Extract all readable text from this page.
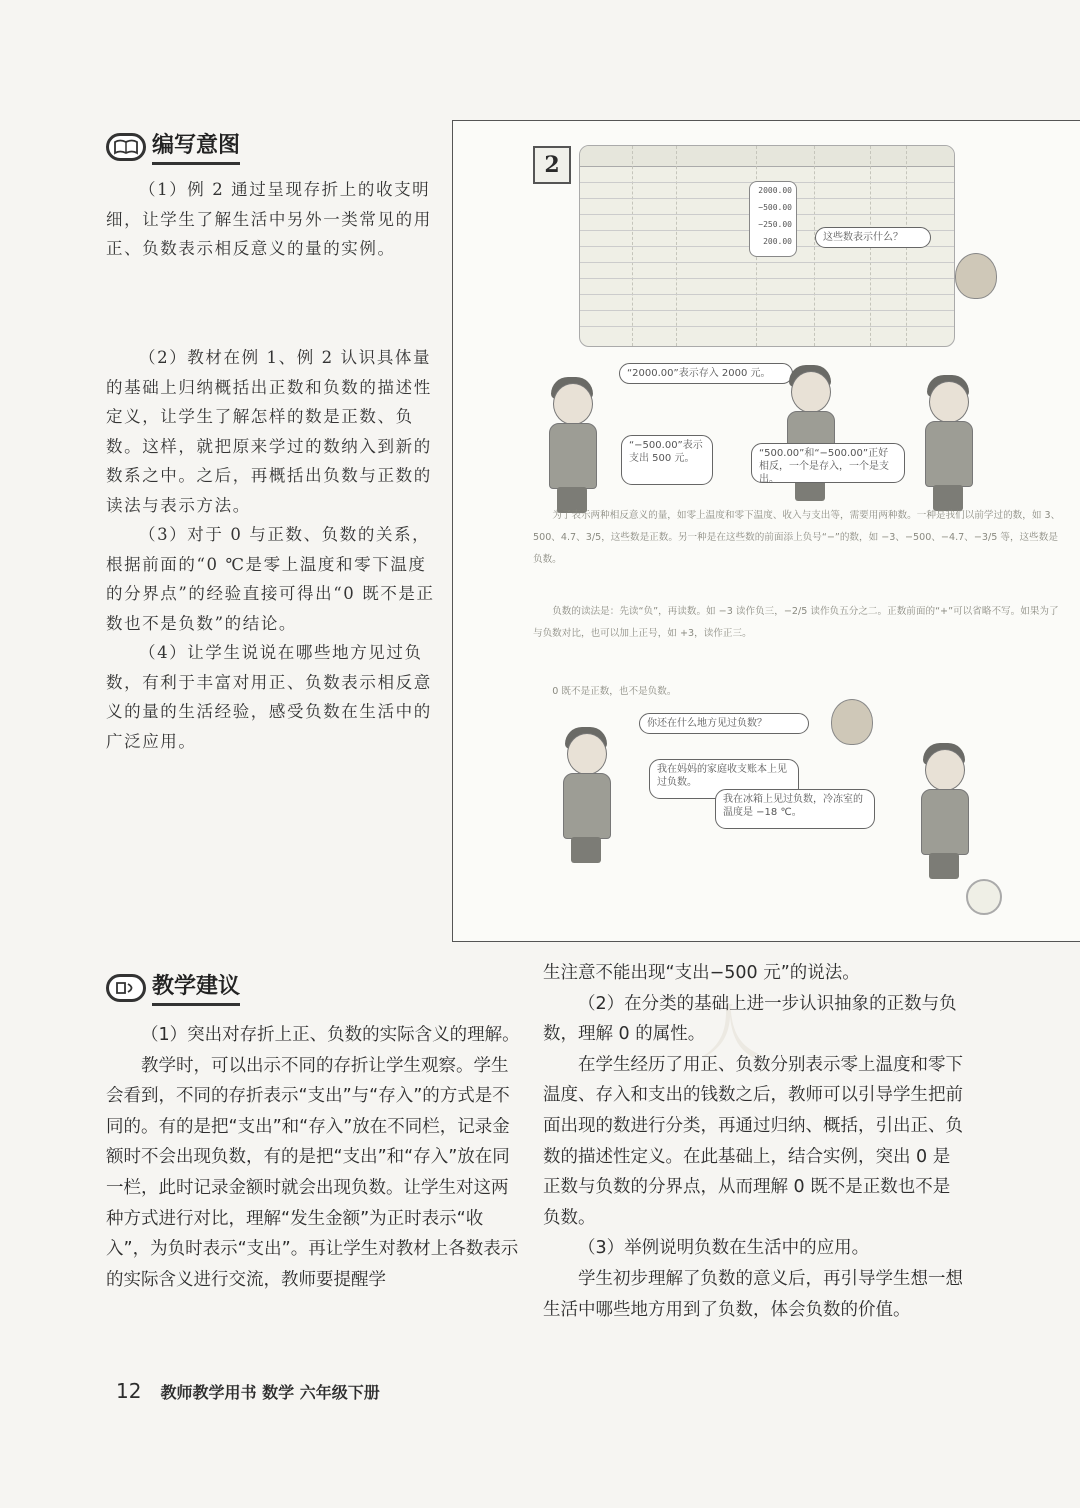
编写意图

（1）例 2 通过呈现存折上的收支明细，让学生了解生活中另外一类常见的用正、负数表示相反意义的量的实例。

（2）教材在例 1、例 2 认识具体量的基础上归纳概括出正数和负数的描述性定义，让学生了解怎样的数是正数、负数。这样，就把原来学过的数纳入到新的数系之中。之后，再概括出负数与正数的读法与表示方法。

（3）对于 0 与正数、负数的关系，根据前面的“0 ℃是零上温度和零下温度的分界点”的经验直接可得出“0 既不是正数也不是负数”的结论。

（4）让学生说说在哪些地方见过负数，有利于丰富对用正、负数表示相反意义的量的生活经验，感受负数在生活中的广泛应用。

2
2000.00
−500.00
−250.00
200.00	这些数表示什么？
“2000.00”表示存入 2000 元。
“−500.00”表示支出 500 元。	“500.00”和“−500.00”正好相反，一个是存入，一个是支出。

为了表示两种相反意义的量，如零上温度和零下温度、收入与支出等，需要用两种数。一种是我们以前学过的数，如 3、500、4.7、3/5，这些数是正数。另一种是在这些数的前面添上负号“−”的数，如 −3、−500、−4.7、−3/5 等，这些数是负数。

负数的读法是：先读“负”，再读数。如 −3 读作负三，−2/5 读作负五分之二。正数前面的“+”可以省略不写。如果为了与负数对比，也可以加上正号，如 +3，读作正三。

0 既不是正数，也不是负数。

你还在什么地方见过负数？
我在妈妈的家庭收支账本上见过负数。
我在冰箱上见过负数，冷冻室的温度是 −18 ℃。
人
教学建议

（1）突出对存折上正、负数的实际含义的理解。

教学时，可以出示不同的存折让学生观察。学生会看到，不同的存折表示“支出”与“存入”的方式是不同的。有的是把“支出”和“存入”放在不同栏，记录金额时不会出现负数，有的是把“支出”和“存入”放在同一栏，此时记录金额时就会出现负数。让学生对这两种方式进行对比，理解“发生金额”为正时表示“收入”，为负时表示“支出”。再让学生对教材上各数表示的实际含义进行交流，教师要提醒学

生注意不能出现“支出−500 元”的说法。

（2）在分类的基础上进一步认识抽象的正数与负数，理解 0 的属性。

在学生经历了用正、负数分别表示零上温度和零下温度、存入和支出的钱数之后，教师可以引导学生把前面出现的数进行分类，再通过归纳、概括，引出正、负数的描述性定义。在此基础上，结合实例，突出 0 是正数与负数的分界点，从而理解 0 既不是正数也不是负数。

（3）举例说明负数在生活中的应用。

学生初步理解了负数的意义后，再引导学生想一想生活中哪些地方用到了负数，体会负数的价值。

12 教师教学用书 数学 六年级下册
